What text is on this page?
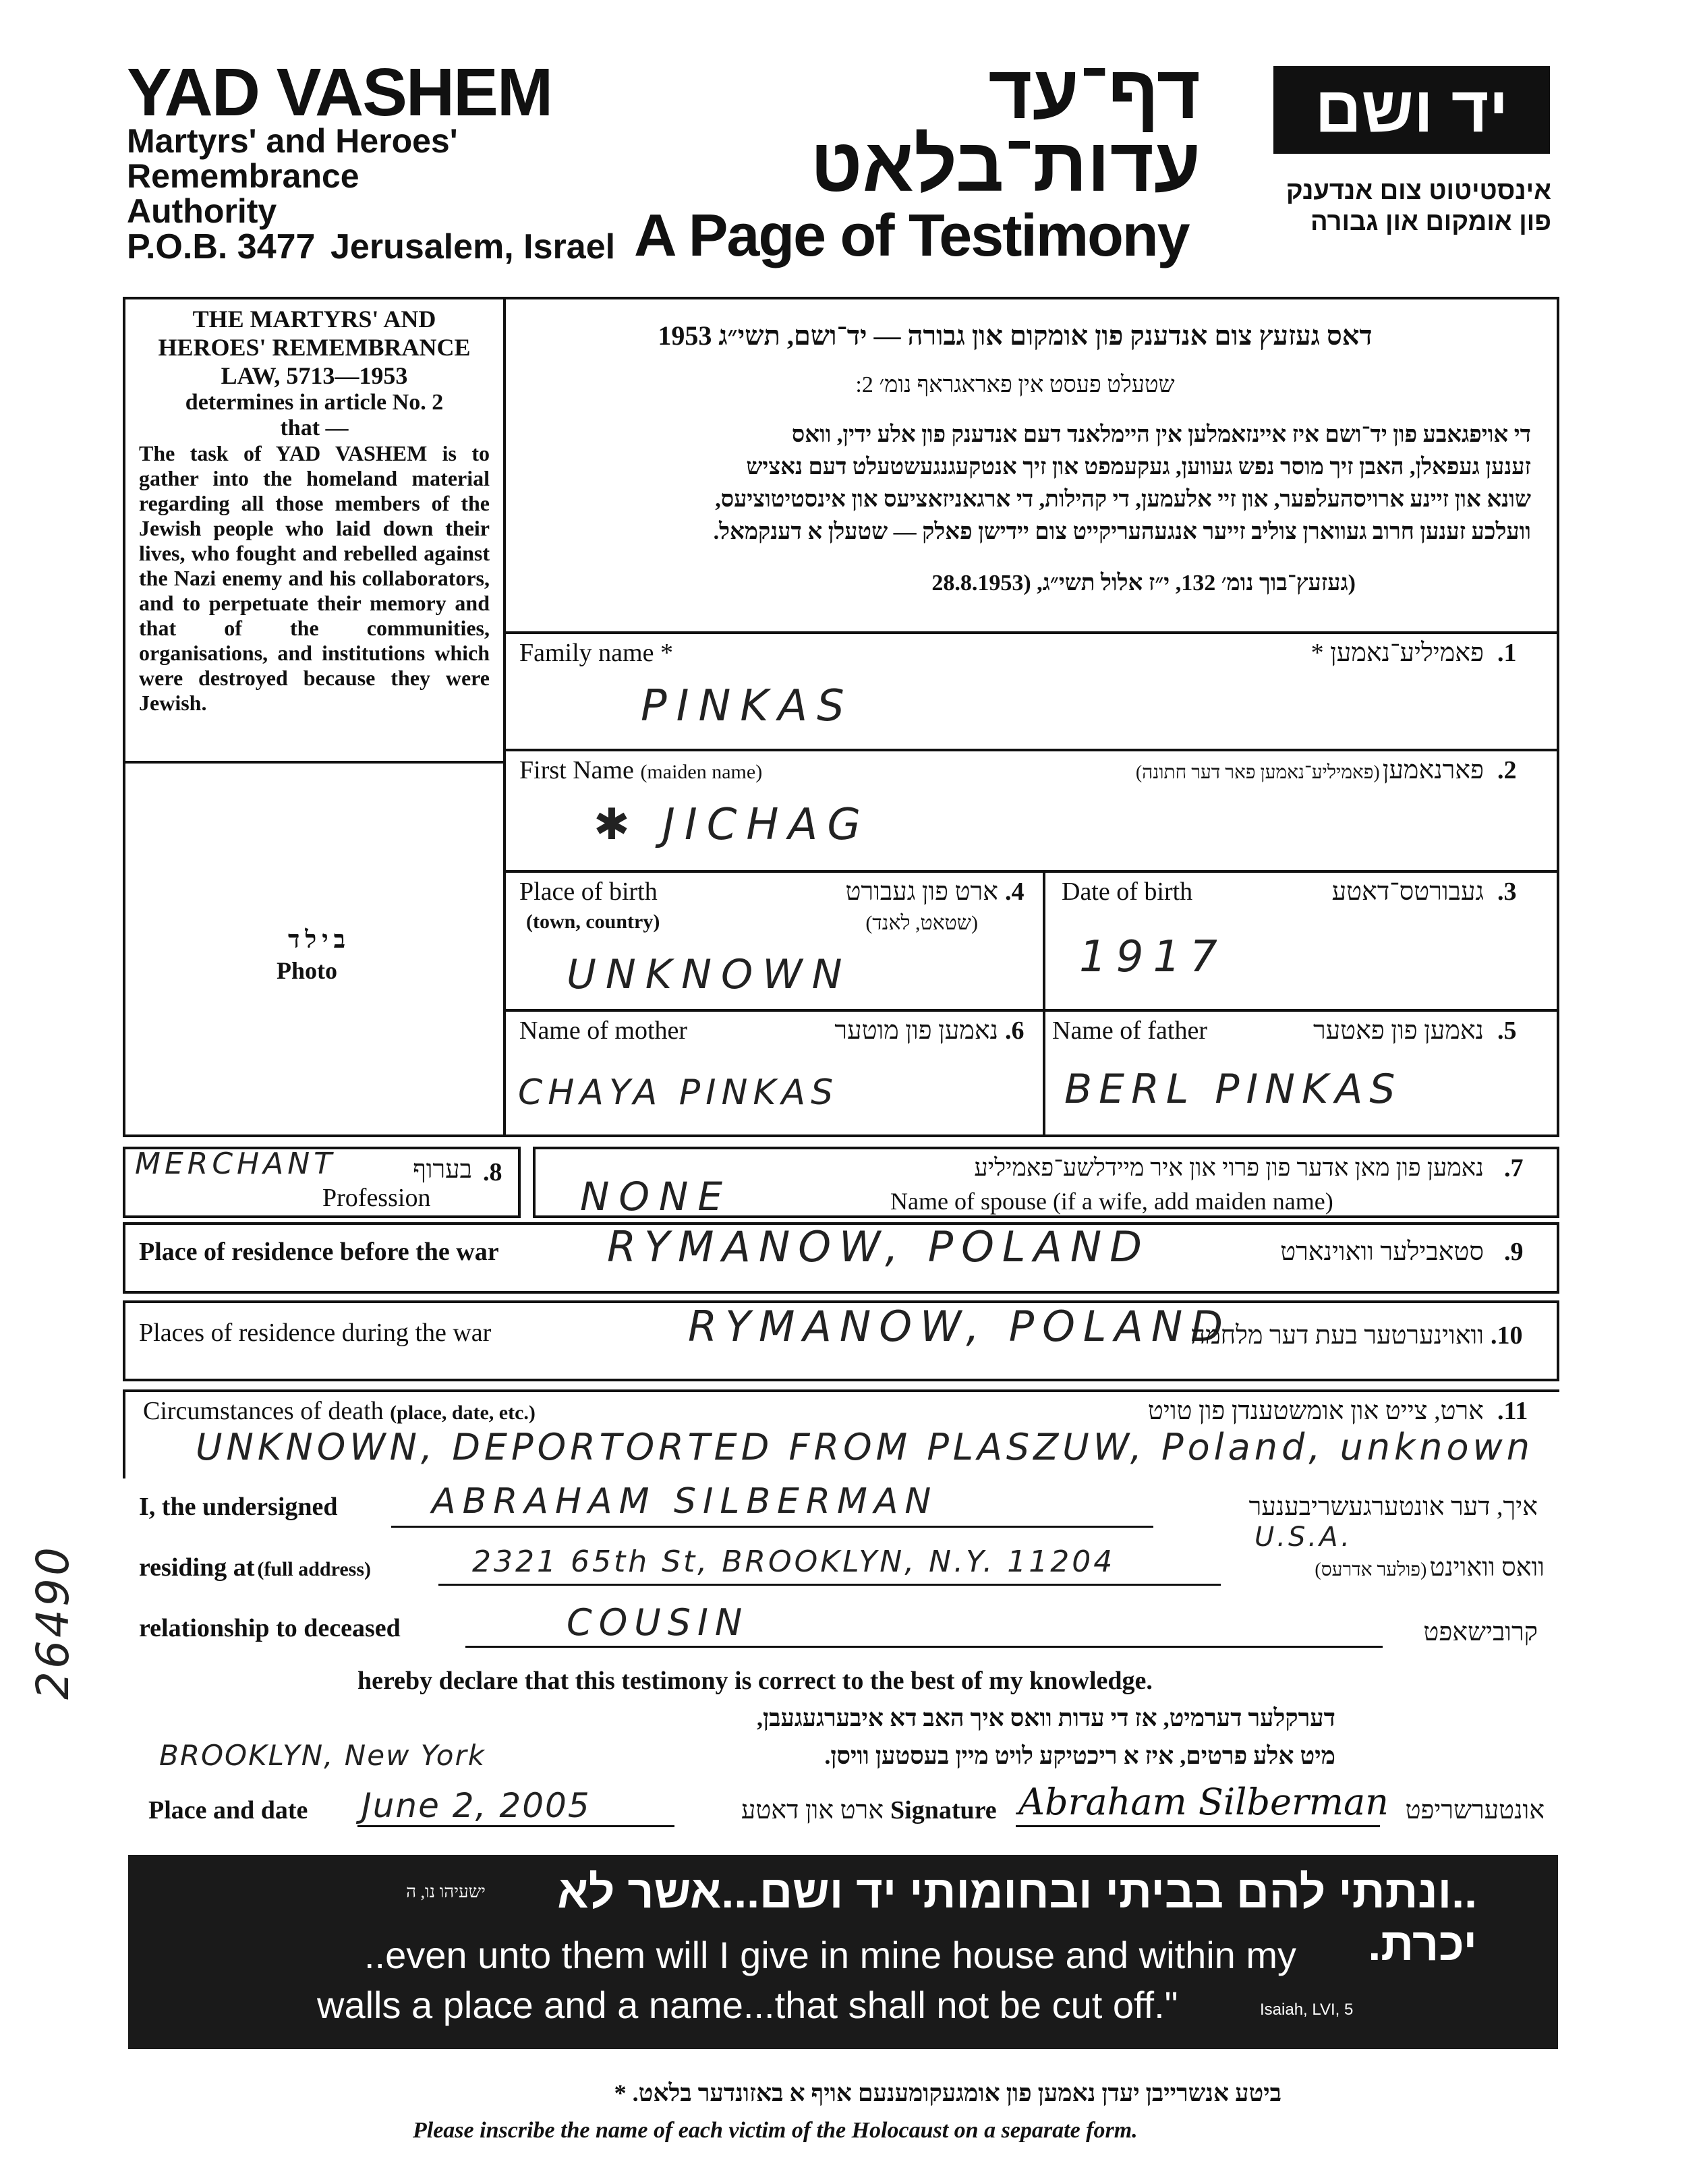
YAD VASHEM
Martyrs' and Heroes'
Remembrance
Authority
P.O.B. 3477 Jerusalem, Israel
דף־עד
עדות־בלאט
A Page of Testimony
יד ושם
אינסטיטוט צום אנדענק
פון אומקום און גבורה
THE MARTYRS' AND
HEROES' REMEMBRANCE
LAW, 5713—1953
determines in article No. 2
that —
The task of YAD VASHEM is to gather into the homeland material regarding all those members of the Jewish people who laid down their lives, who fought and rebelled against the Nazi enemy and his collaborators, and to perpetuate their memory and that of the communities, organisations, and institutions which were destroyed because they were Jewish.
בילד
Photo
דאס געזעץ צום אנדענק פון אומקום און גבורה — יד־ושם, תשי״ג 1953
שטעלט פעסט אין פאראגראף נומ׳ 2:
די אויפגאבע פון יד־ושם איז איינזאמלען אין היימלאנד דעם אנדענק פון אלע ידין, וואס
זענען געפאלן, האבן זיך מוסר נפש געווען, געקעמפט און זיך אנטקעגנגעשטעלט דעם נאציש
שונא און זיינע ארויסהעלפער, און זיי אלעמען, די קהילות, די ארגאניזאציעס און אינסטיטוציעס,
וועלכע זענען חרוב געווארן צוליב זייער אנגעהעריקייט צום יידישן פאלק — שטעלן א דענקמאל.
(געזעץ־בוך נומ׳ 132, י״ז אלול תשי״ג, (28.8.1953
Family name *	פאמיליע־נאמען * .1
PINKAS
First Name (maiden name)	פארנאמען (פאמיליע־נאמען פאר דער חתונה)	.2
✱ JICHAG
Place of birth
(town, country)
ארט פון געבורט
(שטאט, לאנד)
.4
UNKNOWN
Date of birth	געבורטס־דאטע .3
1917
Name of mother	נאמען פון מוטער .6
CHAYA PINKAS
Name of father	נאמען פון פאטער .5
BERL PINKAS
MERCHANT	בערוף .8
Profession
נאמען פון מאן אדער פון פרוי און איר מיידלשע־פאמיליע .7
Name of spouse (if a wife, add maiden name)
NONE
Place of residence before the war	RYMANOW, POLAND	סטאבילער וואוינארט .9
Places of residence during the war	RYMANOW, POLAND
וואוינערטער בעת דער מלחמה .10
Circumstances of death (place, date, etc.)	ארט, צייט און אומשטענדן פון טויט .11
UNKNOWN, DEPORTORTED FROM PLASZUW, Poland, unknown
I, the undersigned	ABRAHAM SILBERMAN	איך, דער אונטערגעשריבענער
residing at (full address)	2321 65th St, BROOKLYN, N.Y. 11204
U.S.A.
וואס וואוינט (פולער אדרעס)
relationship to deceased	COUSIN	קרובישאפט
hereby declare that this testimony is correct to the best of my knowledge.
דערקלער דערמיט, אז די עדות וואס איך האב דא איבערגעגעבן,
מיט אלע פרטים, איז א ריכטיקע לויט מיין בעסטען וויסן.
BROOKLYN, New York
Place and date June 2, 2005	ארט און דאטע Signature Abraham Silberman אונטערשריפט
26490
..ונתתי להם בביתי ובחומותי יד ושם...אשר לא יכרת.
ישעיהו נו, ה
..even unto them will I give in mine house and within my
walls a place and a name...that shall not be cut off."	Isaiah, LVI, 5
ביטע אנשרייבן יעדן נאמען פון אומגעקומענעם אויף א באזונדער בלאט. *
Please inscribe the name of each victim of the Holocaust on a separate form.
